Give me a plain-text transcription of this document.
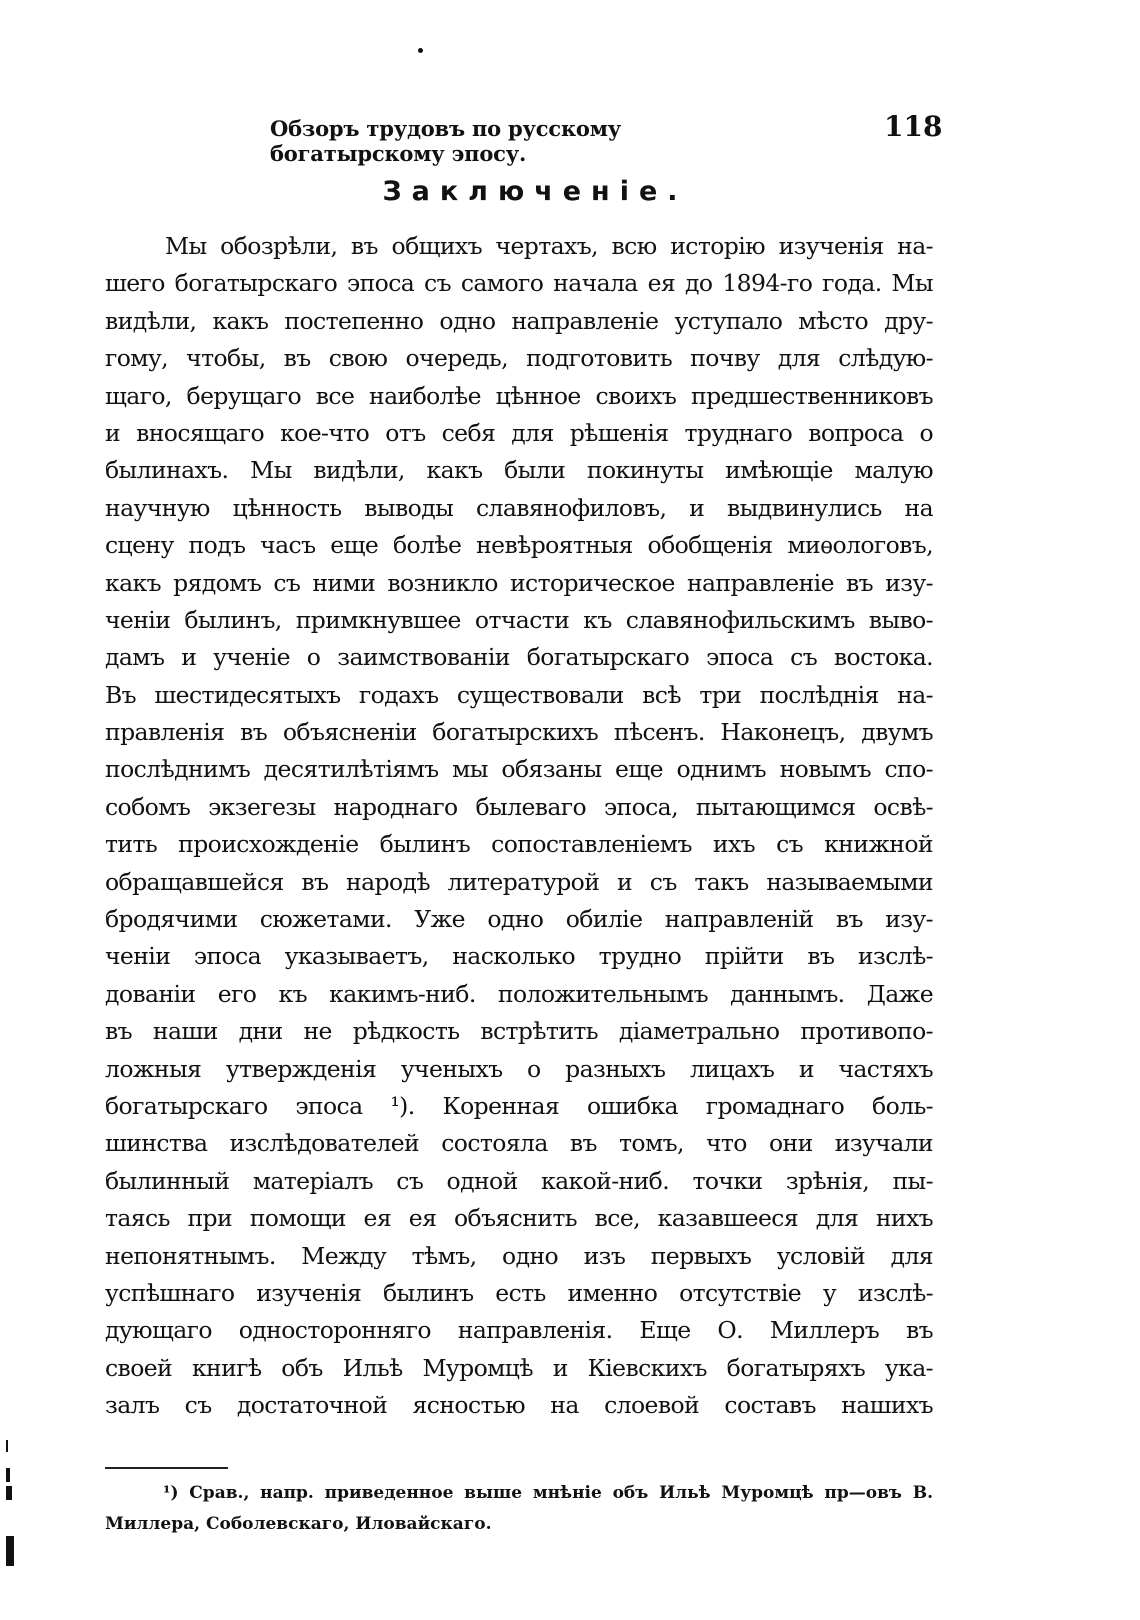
Обзоръ трудовъ по русскому богатырскому эпосу.
118
Заключеніе.
Мы обозрѣли, въ общихъ чертахъ, всю исторію изученія на-
шего богатырскаго эпоса съ самого начала ея до 1894-го года. Мы
видѣли, какъ постепенно одно направленіе уступало мѣсто дру-
гому, чтобы, въ свою очередь, подготовить почву для слѣдую-
щаго, берущаго все наиболѣе цѣнное своихъ предшественниковъ
и вносящаго кое-что отъ себя для рѣшенія труднаго вопроса о
былинахъ. Мы видѣли, какъ были покинуты имѣющіе малую
научную цѣнность выводы славянофиловъ, и выдвинулись на
сцену подъ часъ еще болѣе невѣроятныя обобщенія миѳологовъ,
какъ рядомъ съ ними возникло историческое направленіе въ изу-
ченіи былинъ, примкнувшее отчасти къ славянофильскимъ выво-
дамъ и ученіе о заимствованіи богатырскаго эпоса съ востока.
Въ шестидесятыхъ годахъ существовали всѣ три послѣднія на-
правленія въ объясненіи богатырскихъ пѣсенъ. Наконецъ, двумъ
послѣднимъ десятилѣтіямъ мы обязаны еще однимъ новымъ спо-
собомъ экзегезы народнаго былеваго эпоса, пытающимся освѣ-
тить происхожденіе былинъ сопоставленіемъ ихъ съ книжной
обращавшейся въ народѣ литературой и съ такъ называемыми
бродячими сюжетами. Уже одно обиліе направленій въ изу-
ченіи эпоса указываетъ, насколько трудно прійти въ изслѣ-
дованіи его къ какимъ-ниб. положительнымъ даннымъ. Даже
въ наши дни не рѣдкость встрѣтить діаметрально противопо-
ложныя утвержденія ученыхъ о разныхъ лицахъ и частяхъ
богатырскаго эпоса ¹). Коренная ошибка громаднаго боль-
шинства изслѣдователей состояла въ томъ, что они изучали
былинный матеріалъ съ одной какой-ниб. точки зрѣнія, пы-
таясь при помощи ея ея объяснить все, казавшееся для нихъ
непонятнымъ. Между тѣмъ, одно изъ первыхъ условій для
успѣшнаго изученія былинъ есть именно отсутствіе у изслѣ-
дующаго односторонняго направленія. Еще О. Миллеръ въ
своей книгѣ объ Ильѣ Муромцѣ и Кіевскихъ богатыряхъ ука-
залъ съ достаточной ясностью на слоевой составъ нашихъ
¹) Срав., напр. приведенное выше мнѣніе объ Ильѣ Муромцѣ пр—овъ В.
Миллера, Соболевскаго, Иловайскаго.
